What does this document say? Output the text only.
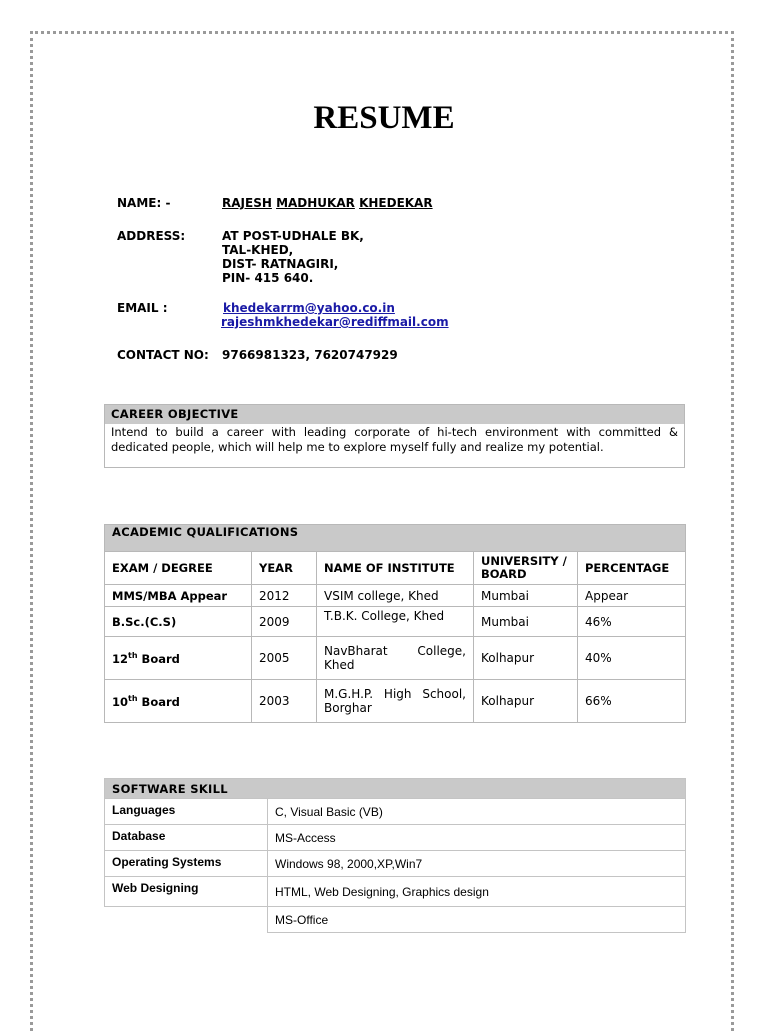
RESUME
NAME: -	RAJESH MADHUKAR KHEDEKAR
ADDRESS:	AT POST-UDHALE BK,
TAL-KHED,
DIST- RATNAGIRI,
PIN- 415 640.
EMAIL :	khedekarrm@yahoo.co.in
rajeshmkhedekar@rediffmail.com
CONTACT NO: 9766981323, 7620747929
CAREER OBJECTIVE
Intend to build a career with leading corporate of hi-tech environment with committed & dedicated people, which will help me to explore myself fully and realize my potential.
ACADEMIC QUALIFICATIONS				
EXAM / DEGREE	YEAR	NAME OF INSTITUTE	UNIVERSITY / BOARD	PERCENTAGE
MMS/MBA Appear	2012	VSIM college, Khed	Mumbai	Appear
B.Sc.(C.S)	2009	T.B.K. College, Khed	Mumbai	46%
12th Board	2005	NavBharat College, Khed	Kolhapur	40%
10th Board	2003	M.G.H.P. High School, Borghar	Kolhapur	66%
SOFTWARE SKILL	
Languages	C, Visual Basic (VB)
Database	MS-Access
Operating Systems	Windows 98, 2000,XP,Win7
Web Designing	HTML, Web Designing, Graphics design
	MS-Office
